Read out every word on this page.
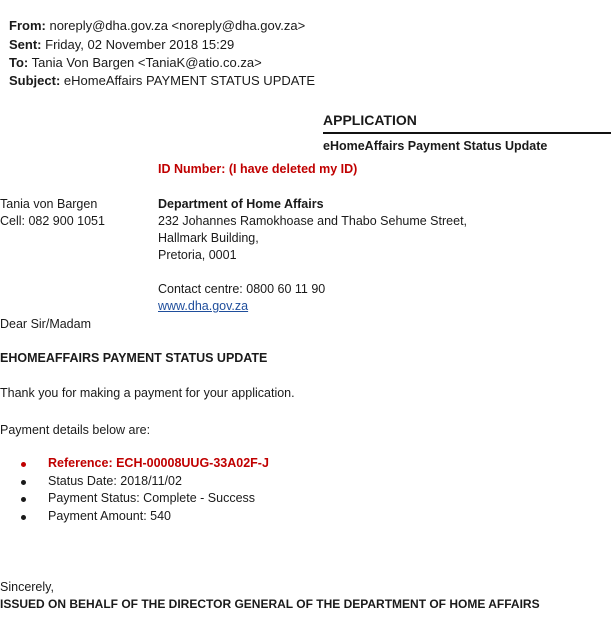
From: noreply@dha.gov.za <noreply@dha.gov.za>
Sent: Friday, 02 November 2018 15:29
To: Tania Von Bargen <TaniaK@atio.co.za>
Subject: eHomeAffairs PAYMENT STATUS UPDATE
APPLICATION
eHomeAffairs Payment Status Update
ID Number: (I have deleted my ID)
Tania von Bargen
Cell: 082 900 1051
Department of Home Affairs
232 Johannes Ramokhoase and Thabo Sehume Street,
Hallmark Building,
Pretoria, 0001
Contact centre: 0800 60 11 90
www.dha.gov.za
Dear Sir/Madam
EHOMEAFFAIRS PAYMENT STATUS UPDATE
Thank you for making a payment for your application.
Payment details below are:
Reference: ECH-00008UUG-33A02F-J
Status Date: 2018/11/02
Payment Status: Complete - Success
Payment Amount: 540
Sincerely,
ISSUED ON BEHALF OF THE DIRECTOR GENERAL OF THE DEPARTMENT OF HOME AFFAIRS
